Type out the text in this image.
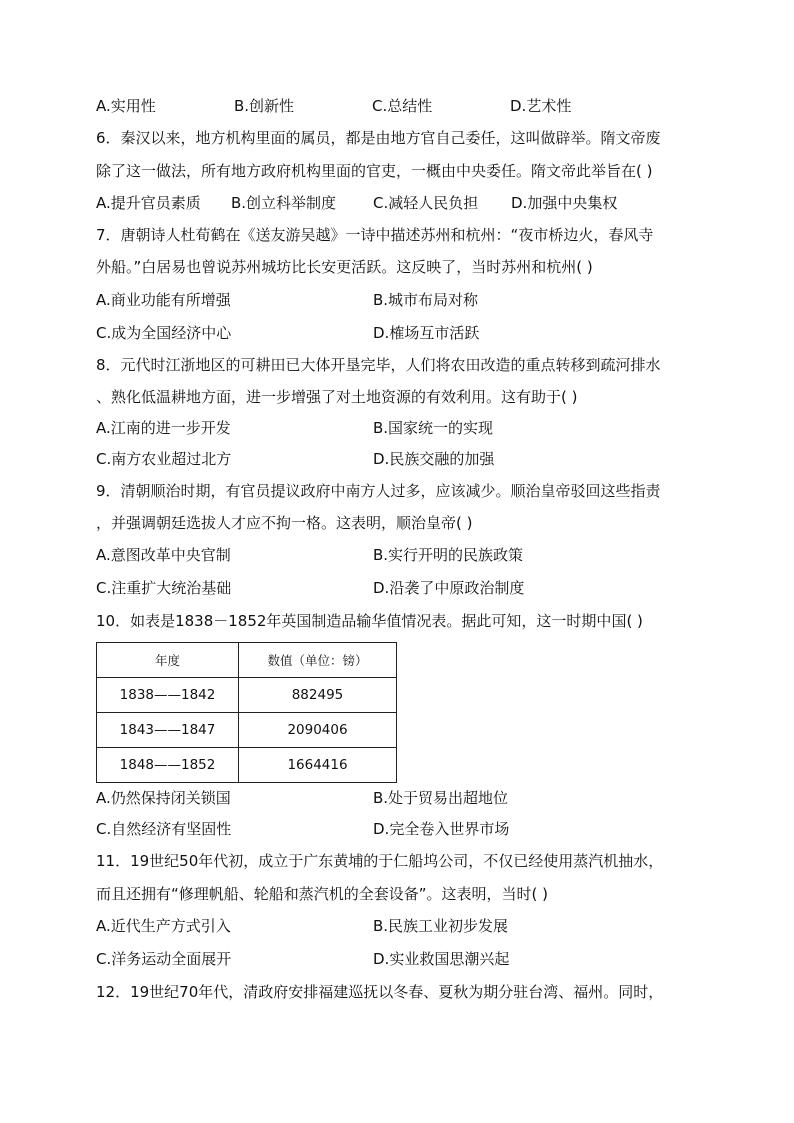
A.实用性	B.创新性	C.总结性	D.艺术性
6．秦汉以来，地方机构里面的属员，都是由地方官自己委任，这叫做辟举。隋文帝废
除了这一做法，所有地方政府机构里面的官吏，一概由中央委任。隋文帝此举旨在( )
A.提升官员素质 B.创立科举制度 C.减轻人民负担 D.加强中央集权
7．唐朝诗人杜荀鹤在《送友游吴越》一诗中描述苏州和杭州：“夜市桥边火，春风寺
外船。”白居易也曾说苏州城坊比长安更活跃。这反映了，当时苏州和杭州( )
A.商业功能有所增强	B.城市布局对称
C.成为全国经济中心	D.榷场互市活跃
8．元代时江浙地区的可耕田已大体开垦完毕，人们将农田改造的重点转移到疏河排水
、熟化低温耕地方面，进一步增强了对土地资源的有效利用。这有助于( )
A.江南的进一步开发	B.国家统一的实现
C.南方农业超过北方	D.民族交融的加强
9．清朝顺治时期，有官员提议政府中南方人过多，应该减少。顺治皇帝驳回这些指责
，并强调朝廷选拔人才应不拘一格。这表明，顺治皇帝( )
A.意图改革中央官制	B.实行开明的民族政策
C.注重扩大统治基础	D.沿袭了中原政治制度
10．如表是1838－1852年英国制造品输华值情况表。据此可知，这一时期中国( )
年度	数值（单位：镑）
1838——1842	882495
1843——1847	2090406
1848——1852	1664416
A.仍然保持闭关锁国	B.处于贸易出超地位
C.自然经济有坚固性	D.完全卷入世界市场
11．19世纪50年代初，成立于广东黄埔的于仁船坞公司，不仅已经使用蒸汽机抽水，
而且还拥有“修理帆船、轮船和蒸汽机的全套设备”。这表明，当时( )
A.近代生产方式引入	B.民族工业初步发展
C.洋务运动全面展开	D.实业救国思潮兴起
12．19世纪70年代，清政府安排福建巡抚以冬春、夏秋为期分驻台湾、福州。同时，
